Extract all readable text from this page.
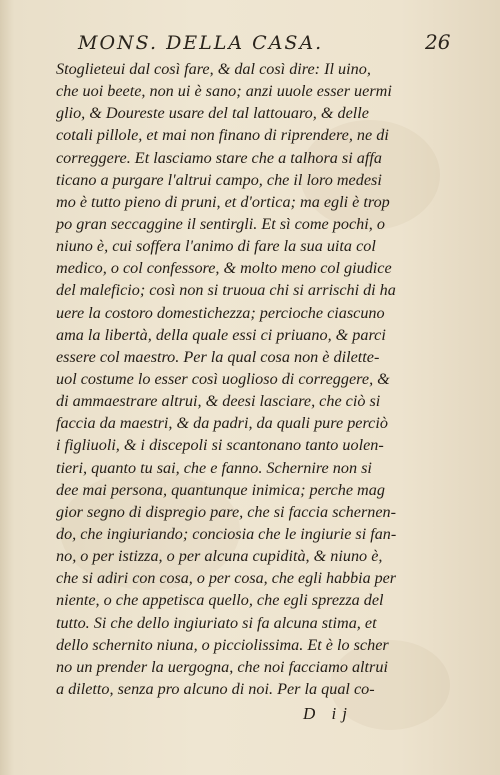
MONS. DELLA CASA.	26
Stoglieteui dal così fare, & dal così dire: Il uino,
che uoi beete, non ui è sano; anzi uuole esser uermi
glio, & Doureste usare del tal lattouaro, & delle
cotali pillole, et mai non finano di riprendere, ne di
correggere. Et lasciamo stare che a talhora si affa
ticano a purgare l'altrui campo, che il loro medesi
mo è tutto pieno di pruni, et d'ortica; ma egli è trop
po gran seccaggine il sentirgli. Et sì come pochi, o
niuno è, cui soffera l'animo di fare la sua uita col
medico, o col confessore, & molto meno col giudice
del maleficio; così non si truoua chi si arrischi di ha
uere la costoro domestichezza; percioche ciascuno
ama la libertà, della quale essi ci priuano, & parci
essere col maestro. Per la qual cosa non è dilette-
uol costume lo esser così uoglioso di correggere, &
di ammaestrare altrui, & deesi lasciare, che ciò si
faccia da maestri, & da padri, da quali pure perciò
i figliuoli, & i discepoli si scantonano tanto uolen-
tieri, quanto tu sai, che e fanno. Schernire non si
dee mai persona, quantunque inimica; perche mag
gior segno di dispregio pare, che si faccia schernen-
do, che ingiuriando; conciosia che le ingiurie si fan-
no, o per istizza, o per alcuna cupidità, & niuno è,
che si adiri con cosa, o per cosa, che egli habbia per
niente, o che appetisca quello, che egli sprezza del
tutto. Si che dello ingiuriato si fa alcuna stima, et
dello schernito niuna, o picciolissima. Et è lo scher
no un prender la uergogna, che noi facciamo altrui
a diletto, senza pro alcuno di noi. Per la qual co-
D ij
